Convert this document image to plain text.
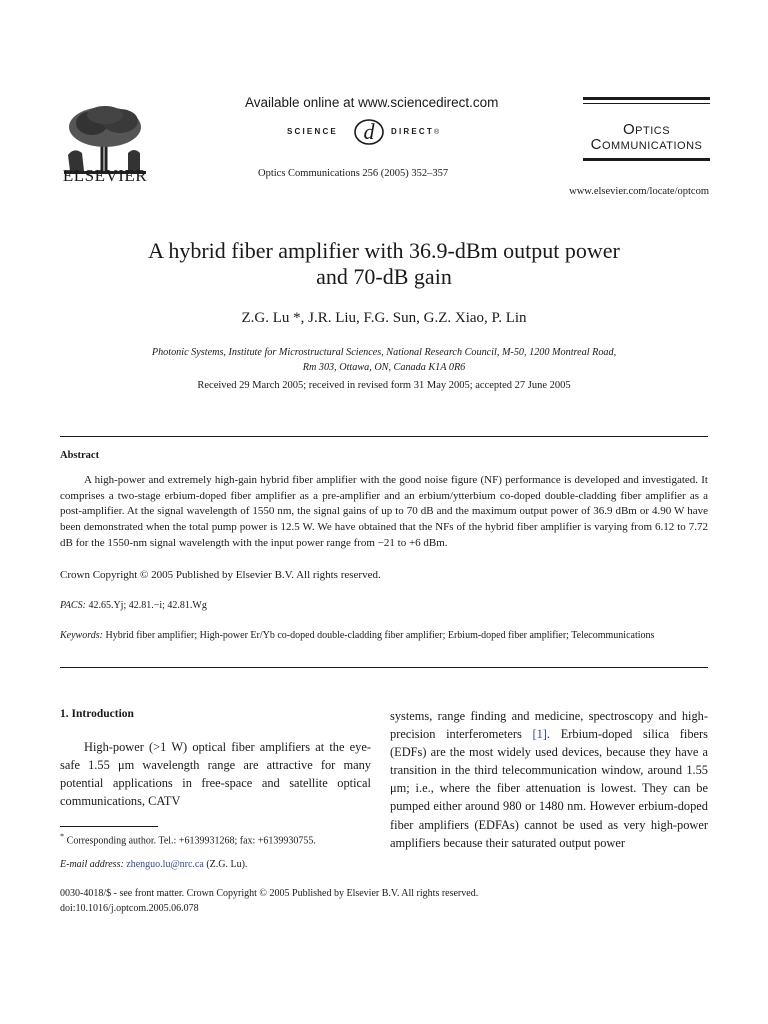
ELSEVIER
Available online at www.sciencedirect.com
SCIENCE d DIRECT®
Optics Communications 256 (2005) 352–357
Optics
Communications
www.elsevier.com/locate/optcom
A hybrid fiber amplifier with 36.9-dBm output power
and 70-dB gain
Z.G. Lu *, J.R. Liu, F.G. Sun, G.Z. Xiao, P. Lin
Photonic Systems, Institute for Microstructural Sciences, National Research Council, M-50, 1200 Montreal Road,
Rm 303, Ottawa, ON, Canada K1A 0R6
Received 29 March 2005; received in revised form 31 May 2005; accepted 27 June 2005
Abstract
A high-power and extremely high-gain hybrid fiber amplifier with the good noise figure (NF) performance is developed and investigated. It comprises a two-stage erbium-doped fiber amplifier as a pre-amplifier and an erbium/ytterbium co-doped double-cladding fiber amplifier as a post-amplifier. At the signal wavelength of 1550 nm, the signal gains of up to 70 dB and the maximum output power of 36.9 dBm or 4.90 W have been demonstrated when the total pump power is 12.5 W. We have obtained that the NFs of the hybrid fiber amplifier is varying from 6.12 to 7.72 dB for the 1550-nm signal wavelength with the input power range from −21 to +6 dBm.
Crown Copyright © 2005 Published by Elsevier B.V. All rights reserved.
PACS: 42.65.Yj; 42.81.−i; 42.81.Wg
Keywords: Hybrid fiber amplifier; High-power Er/Yb co-doped double-cladding fiber amplifier; Erbium-doped fiber amplifier; Telecommunications
1. Introduction
High-power (>1 W) optical fiber amplifiers at the eye-safe 1.55 μm wavelength range are attractive for many potential applications in free-space and satellite optical communications, CATV
systems, range finding and medicine, spectroscopy and high-precision interferometers [1]. Erbium-doped silica fibers (EDFs) are the most widely used devices, because they have a transition in the third telecommunication window, around 1.55 μm; i.e., where the fiber attenuation is lowest. They can be pumped either around 980 or 1480 nm. However erbium-doped fiber amplifiers (EDFAs) cannot be used as very high-power amplifiers because their saturated output power
* Corresponding author. Tel.: +6139931268; fax: +6139930755.
E-mail address: zhenguo.lu@nrc.ca (Z.G. Lu).
0030-4018/$ - see front matter. Crown Copyright © 2005 Published by Elsevier B.V. All rights reserved.
doi:10.1016/j.optcom.2005.06.078
